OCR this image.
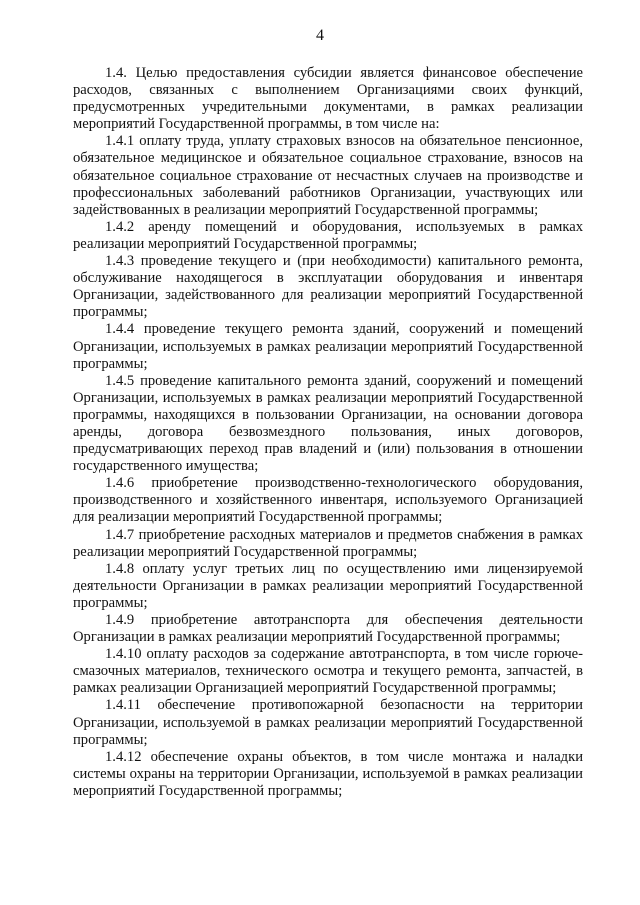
4

1.4. Целью предоставления субсидии является финансовое обеспечение расходов, связанных с выполнением Организациями своих функций, предусмотренных учредительными документами, в рамках реализации мероприятий Государственной программы, в том числе на:

1.4.1 оплату труда, уплату страховых взносов на обязательное пенсионное, обязательное медицинское и обязательное социальное страхование, взносов на обязательное социальное страхование от несчастных случаев на производстве и профессиональных заболеваний работников Организации, участвующих или задействованных в реализации мероприятий Государственной программы;

1.4.2 аренду помещений и оборудования, используемых в рамках реализации мероприятий Государственной программы;

1.4.3 проведение текущего и (при необходимости) капитального ремонта, обслуживание находящегося в эксплуатации оборудования и инвентаря Организации, задействованного для реализации мероприятий Государственной программы;

1.4.4 проведение текущего ремонта зданий, сооружений и помещений Организации, используемых в рамках реализации мероприятий Государственной программы;

1.4.5 проведение капитального ремонта зданий, сооружений и помещений Организации, используемых в рамках реализации мероприятий Государственной программы, находящихся в пользовании Организации, на основании договора аренды, договора безвозмездного пользования, иных договоров, предусматривающих переход прав владений и (или) пользования в отношении государственного имущества;

1.4.6 приобретение производственно-технологического оборудования, производственного и хозяйственного инвентаря, используемого Организацией для реализации мероприятий Государственной программы;

1.4.7 приобретение расходных материалов и предметов снабжения в рамках реализации мероприятий Государственной программы;

1.4.8 оплату услуг третьих лиц по осуществлению ими лицензируемой деятельности Организации в рамках реализации мероприятий Государственной программы;

1.4.9 приобретение автотранспорта для обеспечения деятельности Организации в рамках реализации мероприятий Государственной программы;

1.4.10 оплату расходов за содержание автотранспорта, в том числе горюче-смазочных материалов, технического осмотра и текущего ремонта, запчастей, в рамках реализации Организацией мероприятий Государственной программы;

1.4.11 обеспечение противопожарной безопасности на территории Организации, используемой в рамках реализации мероприятий Государственной программы;

1.4.12 обеспечение охраны объектов, в том числе монтажа и наладки системы охраны на территории Организации, используемой в рамках реализации мероприятий Государственной программы;
